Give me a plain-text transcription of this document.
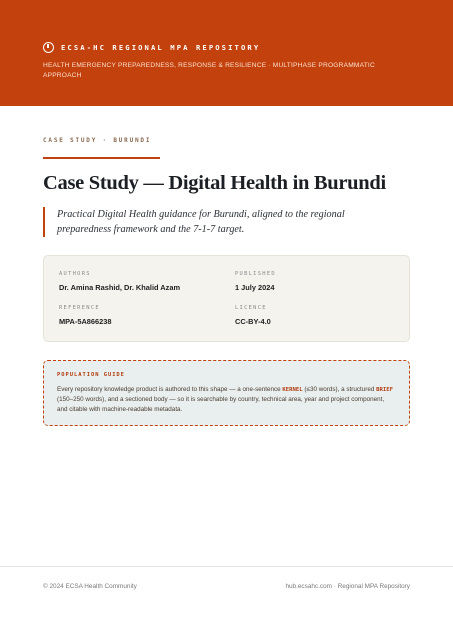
ECSA-HC REGIONAL MPA REPOSITORY
HEALTH EMERGENCY PREPAREDNESS, RESPONSE & RESILIENCE · MULTIPHASE PROGRAMMATIC APPROACH
CASE STUDY · BURUNDI
Case Study — Digital Health in Burundi

Practical Digital Health guidance for Burundi, aligned to the regional preparedness framework and the 7-1-7 target.

AUTHORS
Dr. Amina Rashid, Dr. Khalid Azam
PUBLISHED
1 July 2024
REFERENCE
MPA-5A866238
LICENCE
CC-BY-4.0
POPULATION GUIDE

Every repository knowledge product is authored to this shape — a one-sentence KERNEL (≤30 words), a structured BRIEF (150–250 words), and a sectioned body — so it is searchable by country, technical area, year and project component, and citable with machine-readable metadata.

© 2024 ECSA Health Community	hub.ecsahc.com · Regional MPA Repository
